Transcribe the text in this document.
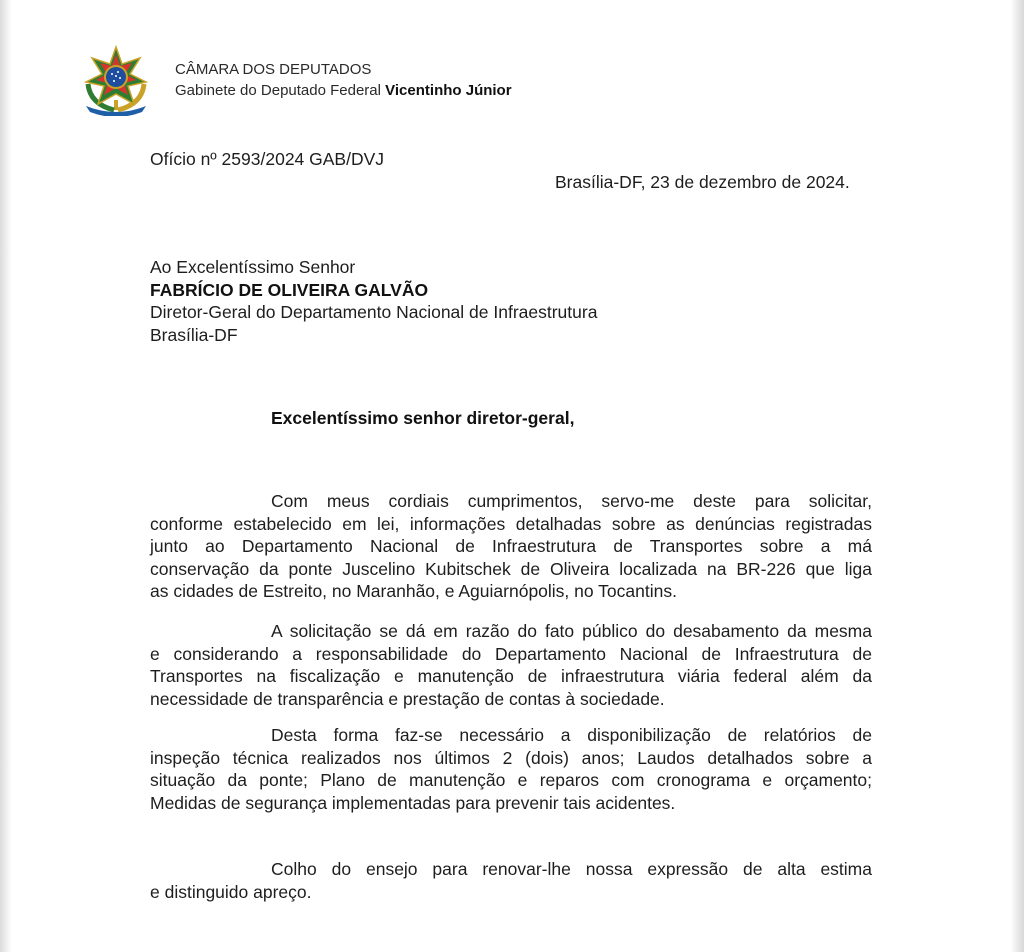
CÂMARA DOS DEPUTADOS
Gabinete do Deputado Federal Vicentinho Júnior
Ofício nº 2593/2024 GAB/DVJ
Brasília-DF, 23 de dezembro de 2024.
Ao Excelentíssimo Senhor
FABRÍCIO DE OLIVEIRA GALVÃO
Diretor-Geral do Departamento Nacional de Infraestrutura
Brasília-DF
Excelentíssimo senhor diretor-geral,
Com meus cordiais cumprimentos, servo-me deste para solicitar,
conforme estabelecido em lei, informações detalhadas sobre as denúncias registradas
junto ao Departamento Nacional de Infraestrutura de Transportes sobre a má
conservação da ponte Juscelino Kubitschek de Oliveira localizada na BR-226 que liga
as cidades de Estreito, no Maranhão, e Aguiarnópolis, no Tocantins.
A solicitação se dá em razão do fato público do desabamento da mesma
e considerando a responsabilidade do Departamento Nacional de Infraestrutura de
Transportes na fiscalização e manutenção de infraestrutura viária federal além da
necessidade de transparência e prestação de contas à sociedade.
Desta forma faz-se necessário a disponibilização de relatórios de
inspeção técnica realizados nos últimos 2 (dois) anos; Laudos detalhados sobre a
situação da ponte; Plano de manutenção e reparos com cronograma e orçamento;
Medidas de segurança implementadas para prevenir tais acidentes.
Colho do ensejo para renovar-lhe nossa expressão de alta estima
e distinguido apreço.
